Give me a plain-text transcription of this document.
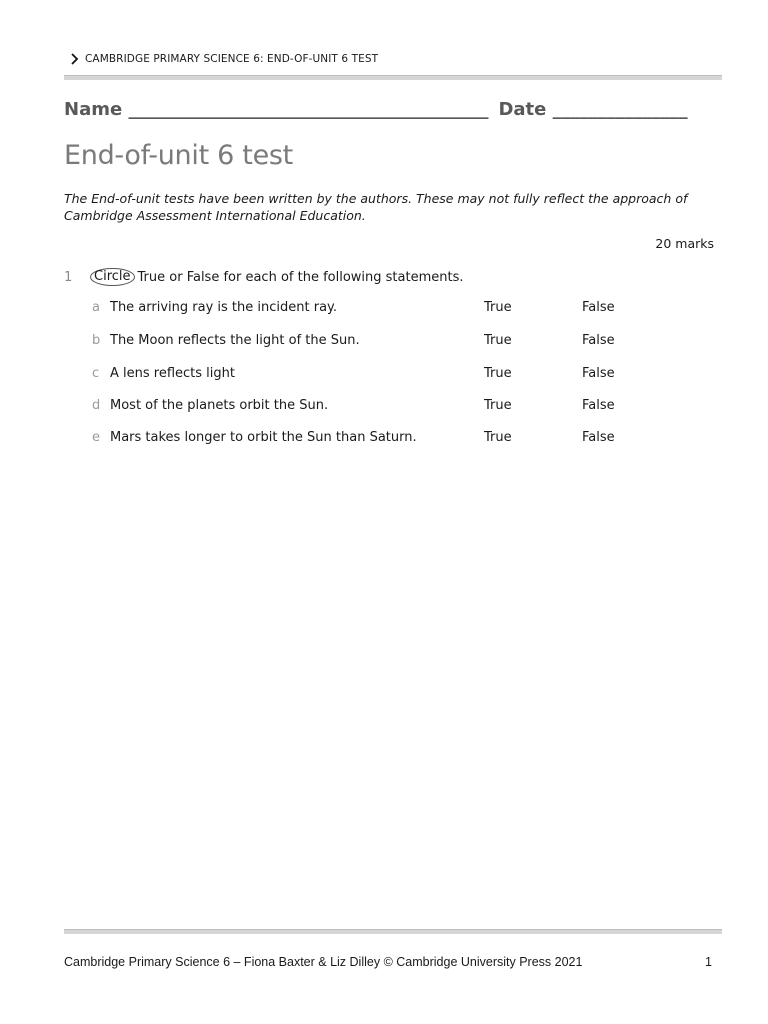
CAMBRIDGE PRIMARY SCIENCE 6: END-OF-UNIT 6 TEST
Name ________________________________________ Date _______________
End-of-unit 6 test
The End-of-unit tests have been written by the authors. These may not fully reflect the approach of Cambridge Assessment International Education.
20 marks
1	Circle True or False for each of the following statements.
a The arriving ray is the incident ray.	True	False
b The Moon reflects the light of the Sun.	True	False
c A lens reflects light	True	False
d Most of the planets orbit the Sun.	True	False
e Mars takes longer to orbit the Sun than Saturn.	True	False
Cambridge Primary Science 6 – Fiona Baxter & Liz Dilley © Cambridge University Press 2021	1
